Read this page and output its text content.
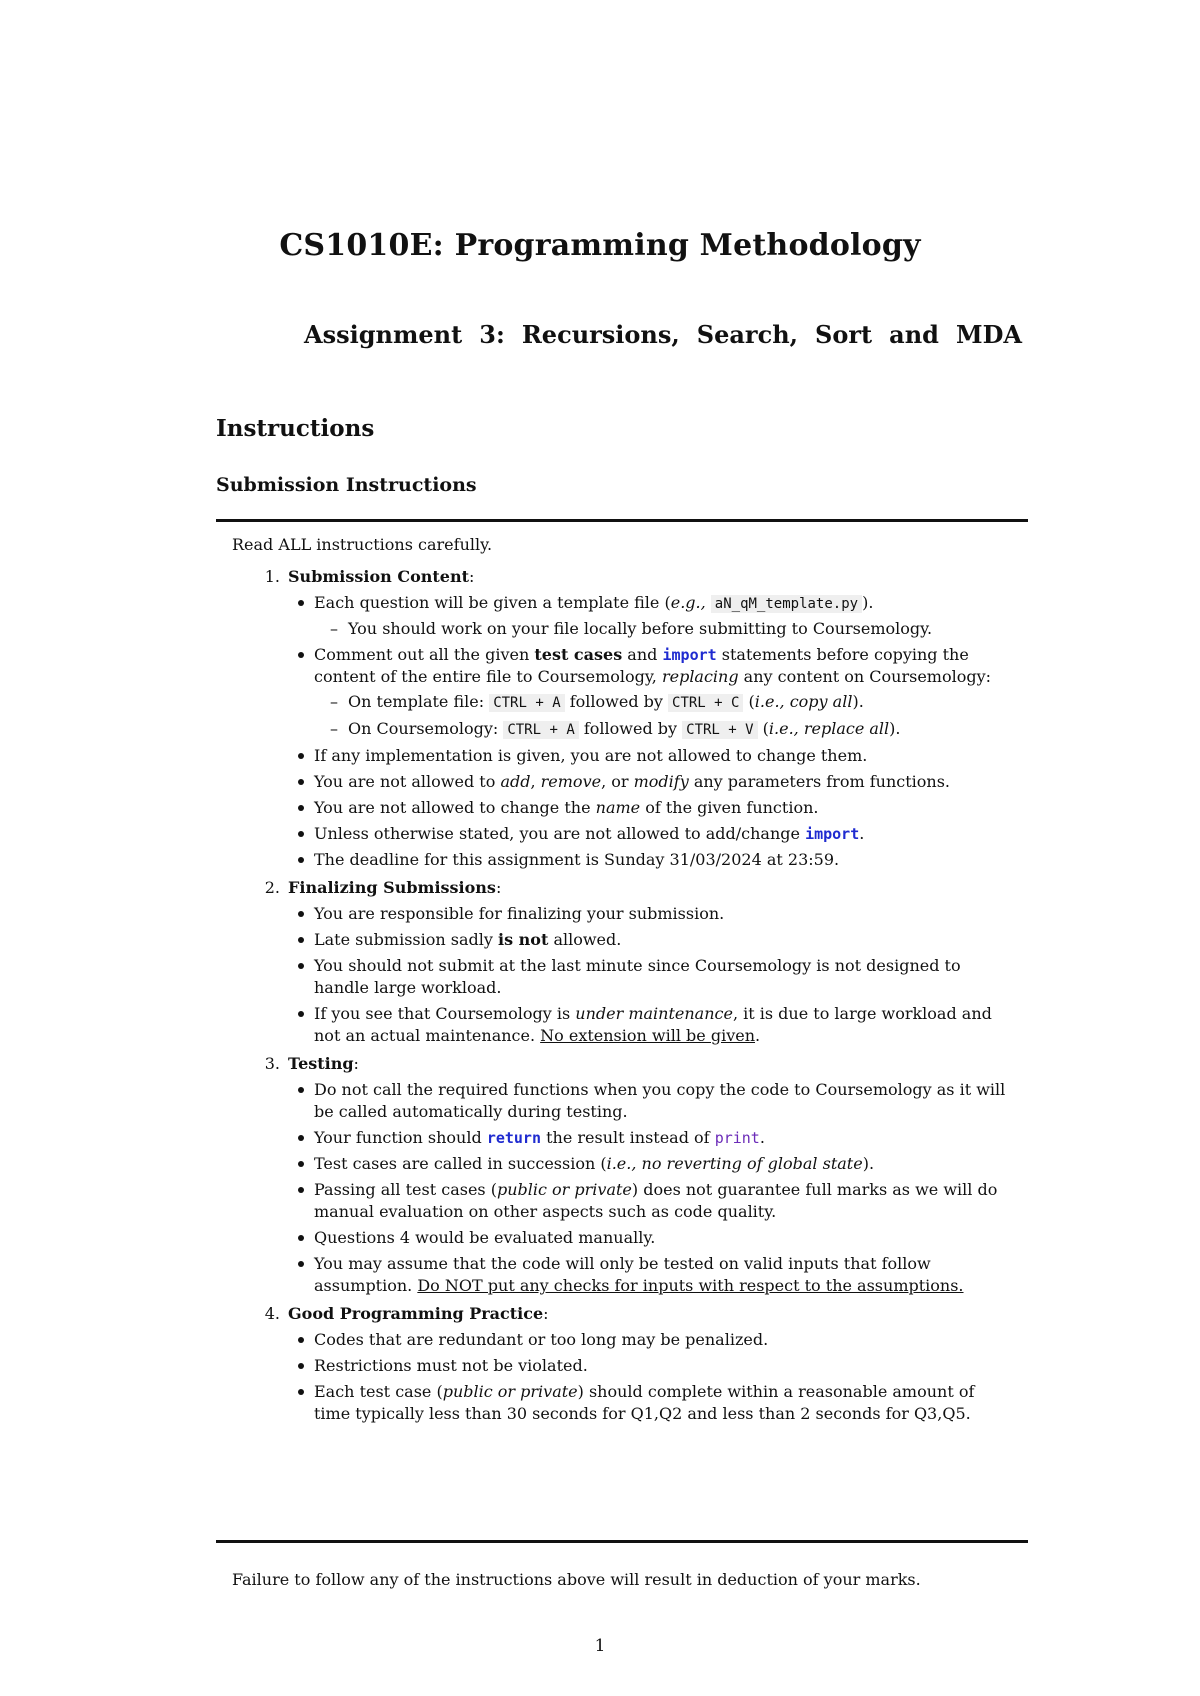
CS1010E: Programming Methodology
Assignment 3: Recursions, Search, Sort and MDA
Instructions
Submission Instructions
Read ALL instructions carefully.
1. Submission Content:
Each question will be given a template file (e.g., aN_qM_template.py ).
– You should work on your file locally before submitting to Coursemology.
Comment out all the given test cases and import statements before copying the content of the entire file to Coursemology, replacing any content on Coursemology:
– On template file: CTRL + A followed by CTRL + C (i.e., copy all).
– On Coursemology: CTRL + A followed by CTRL + V (i.e., replace all).
If any implementation is given, you are not allowed to change them.
You are not allowed to add, remove, or modify any parameters from functions.
You are not allowed to change the name of the given function.
Unless otherwise stated, you are not allowed to add/change import.
The deadline for this assignment is Sunday 31/03/2024 at 23:59.
2. Finalizing Submissions:
You are responsible for finalizing your submission.
Late submission sadly is not allowed.
You should not submit at the last minute since Coursemology is not designed to handle large workload.
If you see that Coursemology is under maintenance, it is due to large workload and not an actual maintenance. No extension will be given.
3. Testing:
Do not call the required functions when you copy the code to Coursemology as it will be called automatically during testing.
Your function should return the result instead of print.
Test cases are called in succession (i.e., no reverting of global state).
Passing all test cases (public or private) does not guarantee full marks as we will do manual evaluation on other aspects such as code quality.
Questions 4 would be evaluated manually.
You may assume that the code will only be tested on valid inputs that follow assumption. Do NOT put any checks for inputs with respect to the assumptions.
4. Good Programming Practice:
Codes that are redundant or too long may be penalized.
Restrictions must not be violated.
Each test case (public or private) should complete within a reasonable amount of time typically less than 30 seconds for Q1,Q2 and less than 2 seconds for Q3,Q5.
Failure to follow any of the instructions above will result in deduction of your marks.
1
